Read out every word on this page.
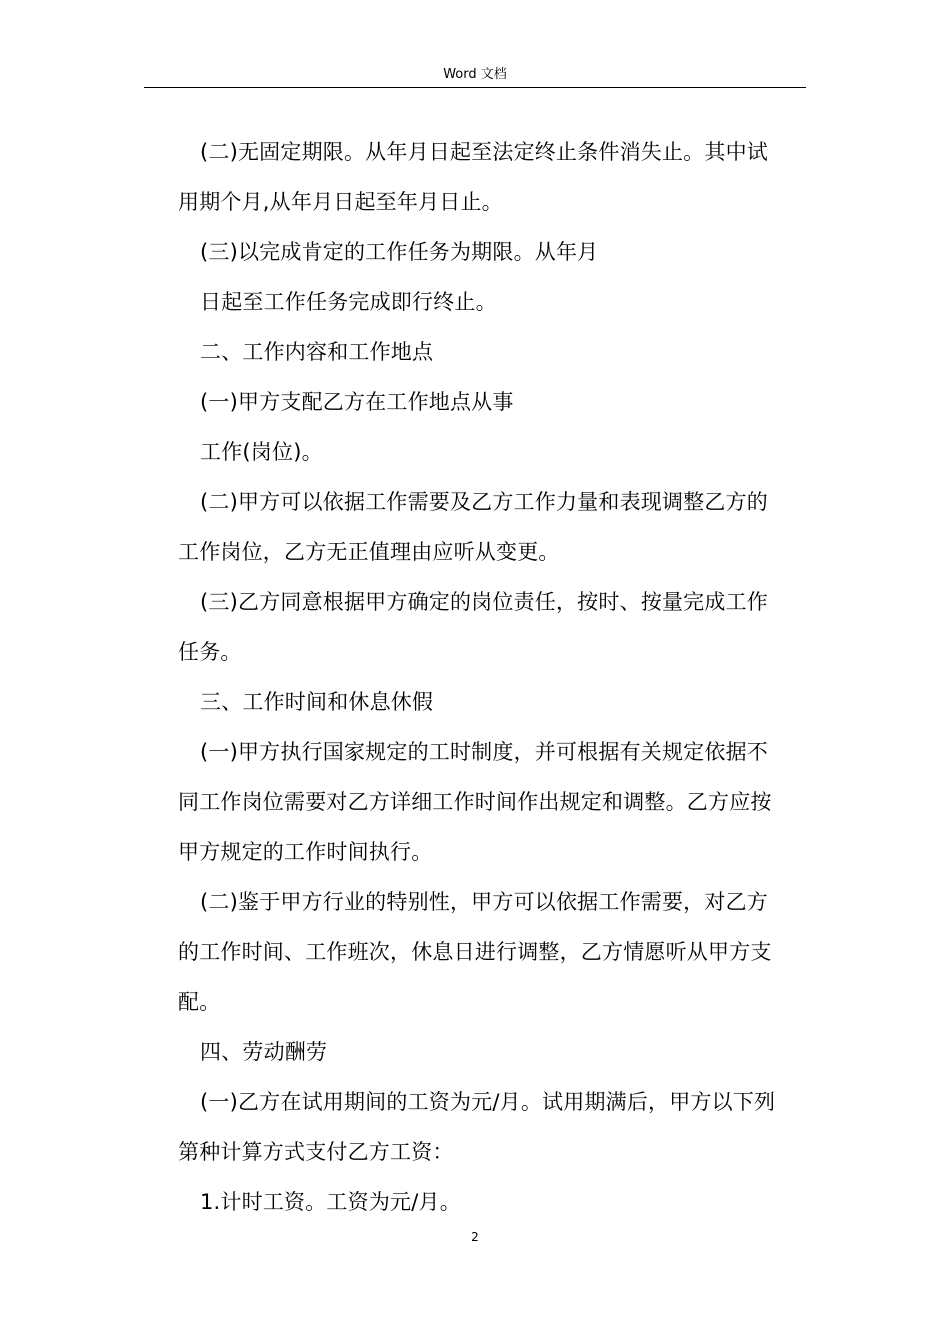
Word 文档
(二)无固定期限。从年月日起至法定终止条件消失止。其中试
用期个月,从年月日起至年月日止。
(三)以完成肯定的工作任务为期限。从年月
日起至工作任务完成即行终止。
二、工作内容和工作地点
(一)甲方支配乙方在工作地点从事
工作(岗位)。
(二)甲方可以依据工作需要及乙方工作力量和表现调整乙方的
工作岗位，乙方无正值理由应听从变更。
(三)乙方同意根据甲方确定的岗位责任，按时、按量完成工作
任务。
三、工作时间和休息休假
(一)甲方执行国家规定的工时制度，并可根据有关规定依据不
同工作岗位需要对乙方详细工作时间作出规定和调整。乙方应按
甲方规定的工作时间执行。
(二)鉴于甲方行业的特别性，甲方可以依据工作需要，对乙方
的工作时间、工作班次，休息日进行调整，乙方情愿听从甲方支
配。
四、劳动酬劳
(一)乙方在试用期间的工资为元/月。试用期满后，甲方以下列
第种计算方式支付乙方工资：
1.计时工资。工资为元/月。
2
